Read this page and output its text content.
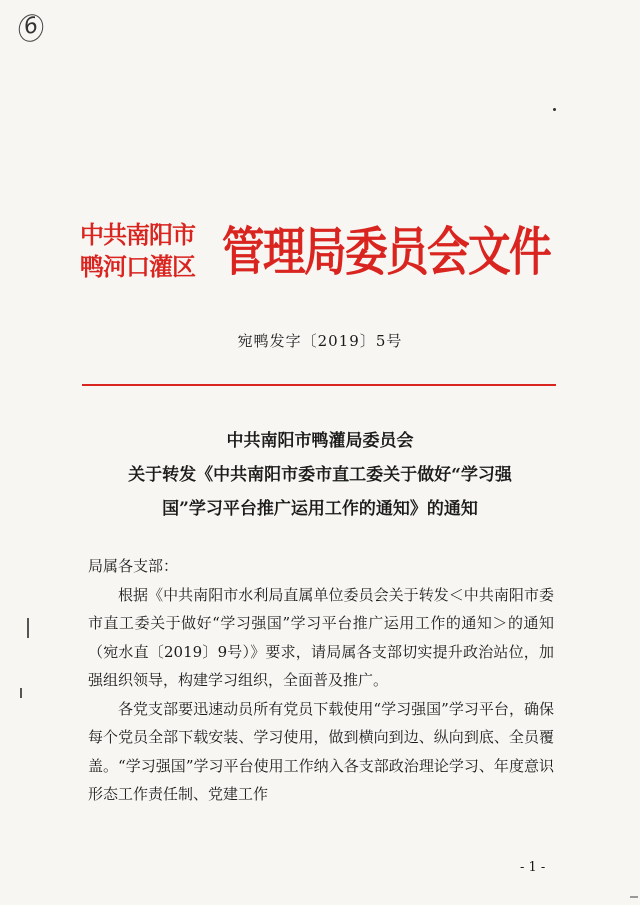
6
中共南阳市
鸭河口灌区 管理局委员会文件
宛鸭发字〔2019〕5号
中共南阳市鸭灌局委员会
关于转发《中共南阳市委市直工委关于做好“学习强
国”学习平台推广运用工作的通知》的通知

局属各支部：

根据《中共南阳市水利局直属单位委员会关于转发＜中共南阳市委市直工委关于做好“学习强国”学习平台推广运用工作的通知＞的通知（宛水直〔2019〕9号）》要求，请局属各支部切实提升政治站位，加强组织领导，构建学习组织，全面普及推广。

各党支部要迅速动员所有党员下载使用“学习强国”学习平台，确保每个党员全部下载安装、学习使用，做到横向到边、纵向到底、全员覆盖。“学习强国”学习平台使用工作纳入各支部政治理论学习、年度意识形态工作责任制、党建工作

- 1 -
